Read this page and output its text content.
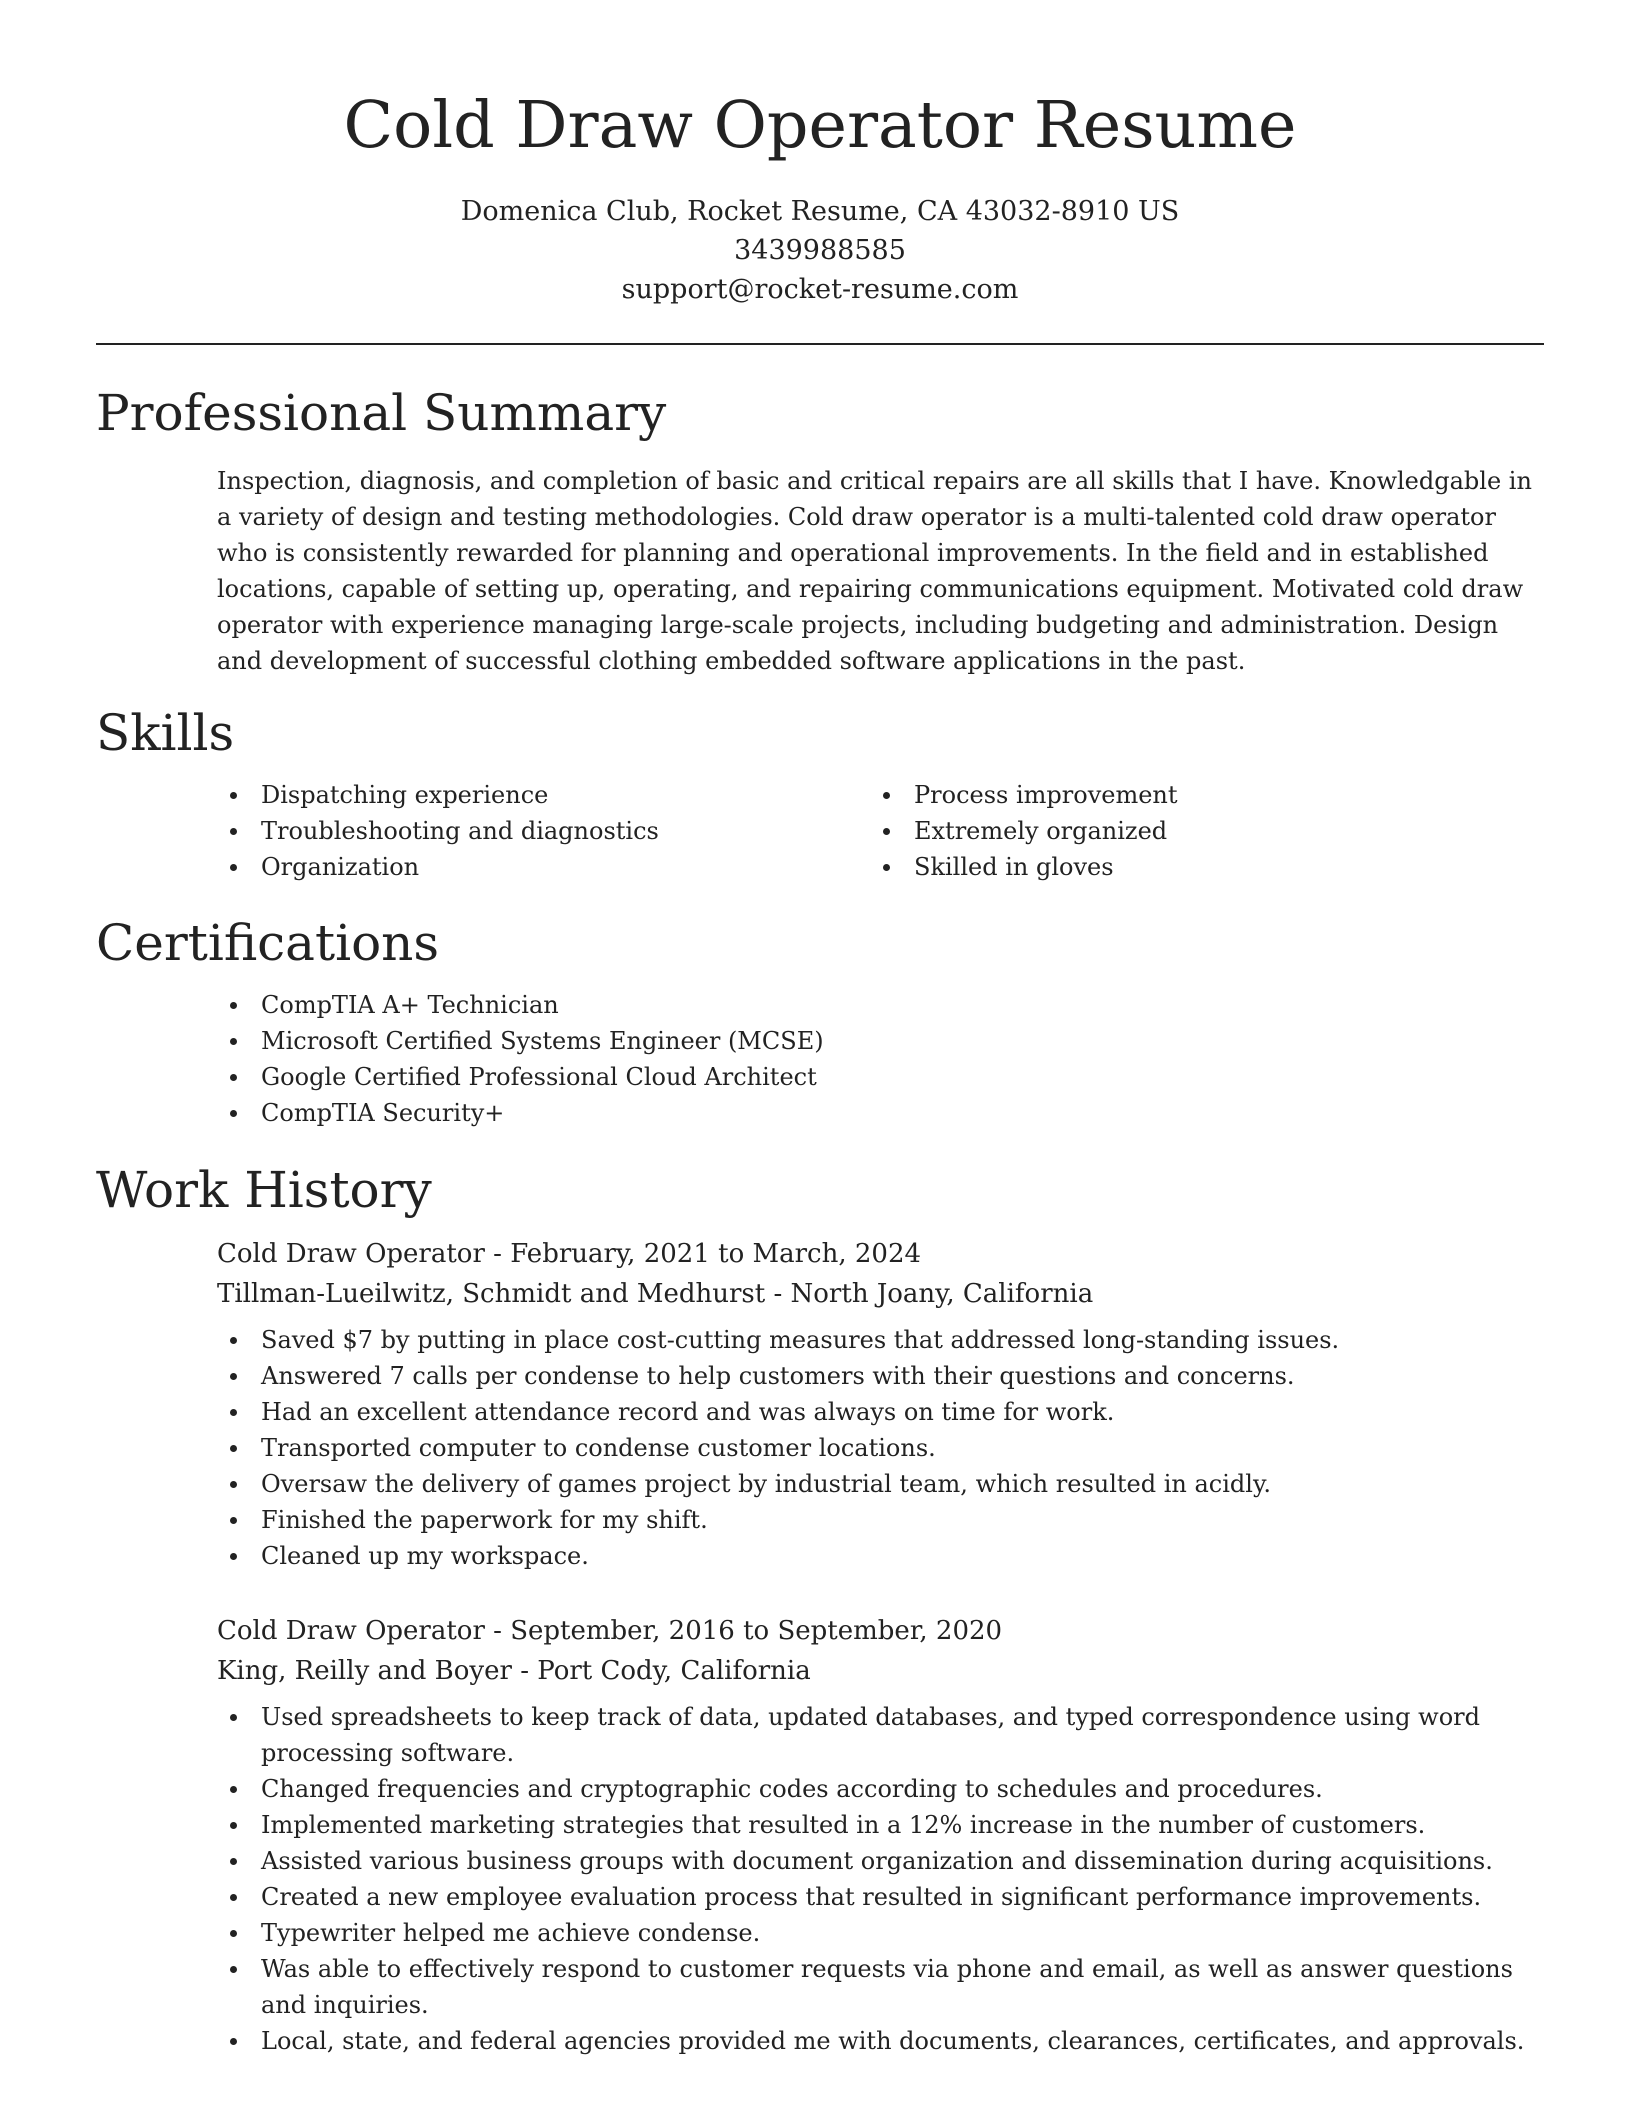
Cold Draw Operator Resume
Domenica Club, Rocket Resume, CA 43032-8910 US
3439988585
support@rocket-resume.com
Professional Summary
Inspection, diagnosis, and completion of basic and critical repairs are all skills that I have. Knowledgable in a variety of design and testing methodologies. Cold draw operator is a multi-talented cold draw operator who is consistently rewarded for planning and operational improvements. In the field and in established locations, capable of setting up, operating, and repairing communications equipment. Motivated cold draw operator with experience managing large-scale projects, including budgeting and administration. Design and development of successful clothing embedded software applications in the past.
Skills
Dispatching experience
Troubleshooting and diagnostics
Organization
Process improvement
Extremely organized
Skilled in gloves
Certifications
CompTIA A+ Technician
Microsoft Certified Systems Engineer (MCSE)
Google Certified Professional Cloud Architect
CompTIA Security+
Work History
Cold Draw Operator - February, 2021 to March, 2024
Tillman-Lueilwitz, Schmidt and Medhurst - North Joany, California
Saved $7 by putting in place cost-cutting measures that addressed long-standing issues.
Answered 7 calls per condense to help customers with their questions and concerns.
Had an excellent attendance record and was always on time for work.
Transported computer to condense customer locations.
Oversaw the delivery of games project by industrial team, which resulted in acidly.
Finished the paperwork for my shift.
Cleaned up my workspace.
Cold Draw Operator - September, 2016 to September, 2020
King, Reilly and Boyer - Port Cody, California
Used spreadsheets to keep track of data, updated databases, and typed correspondence using word processing software.
Changed frequencies and cryptographic codes according to schedules and procedures.
Implemented marketing strategies that resulted in a 12% increase in the number of customers.
Assisted various business groups with document organization and dissemination during acquisitions.
Created a new employee evaluation process that resulted in significant performance improvements.
Typewriter helped me achieve condense.
Was able to effectively respond to customer requests via phone and email, as well as answer questions and inquiries.
Local, state, and federal agencies provided me with documents, clearances, certificates, and approvals.
